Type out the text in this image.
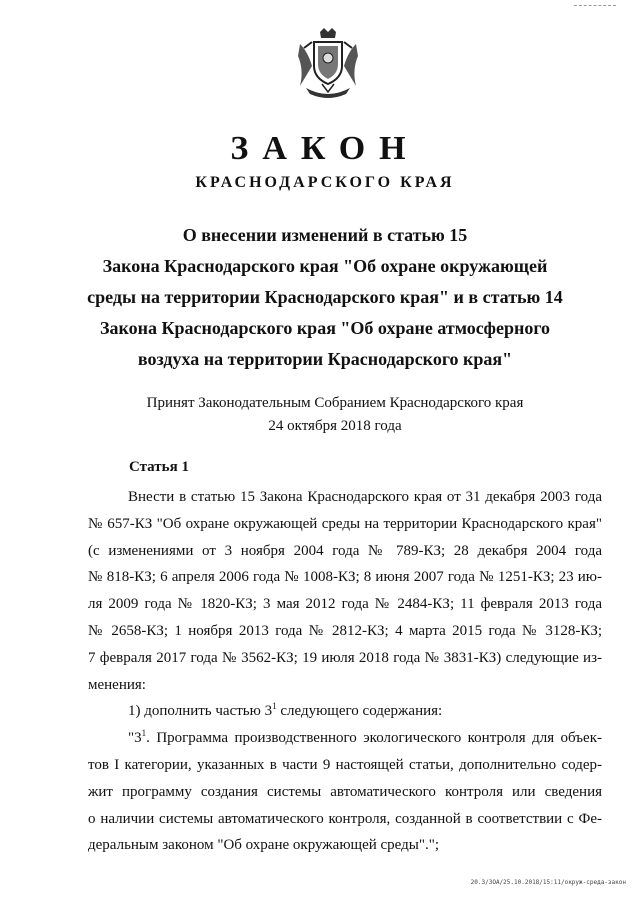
ЗАКОН
КРАСНОДАРСКОГО КРАЯ
О внесении изменений в статью 15
Закона Краснодарского края "Об охране окружающей
среды на территории Краснодарского края" и в статью 14
Закона Краснодарского края "Об охране атмосферного
воздуха на территории Краснодарского края"
Принят Законодательным Собранием Краснодарского края
24 октября 2018 года
Статья 1
Внести в статью 15 Закона Краснодарского края от 31 декабря 2003 года
№ 657-КЗ "Об охране окружающей среды на территории Краснодарского края"
(с изменениями от 3 ноября 2004 года № 789-КЗ; 28 декабря 2004 года
№ 818-КЗ; 6 апреля 2006 года № 1008-КЗ; 8 июня 2007 года № 1251-КЗ; 23 ию-
ля 2009 года № 1820-КЗ; 3 мая 2012 года № 2484-КЗ; 11 февраля 2013 года
№ 2658-КЗ; 1 ноября 2013 года № 2812-КЗ; 4 марта 2015 года № 3128-КЗ;
7 февраля 2017 года № 3562-КЗ; 19 июля 2018 года № 3831-КЗ) следующие из-
менения:
1) дополнить частью $3^1$ следующего содержания:
"$3^1$. Программа производственного экологического контроля для объек-
тов I категории, указанных в части 9 настоящей статьи, дополнительно содер-
жит программу создания системы автоматического контроля или сведения
о наличии системы автоматического контроля, созданной в соответствии с Фе-
деральным законом "Об охране окружающей среды".";
20.3/3ОА/25.10.2018/15:11/окруж-среда-закон
